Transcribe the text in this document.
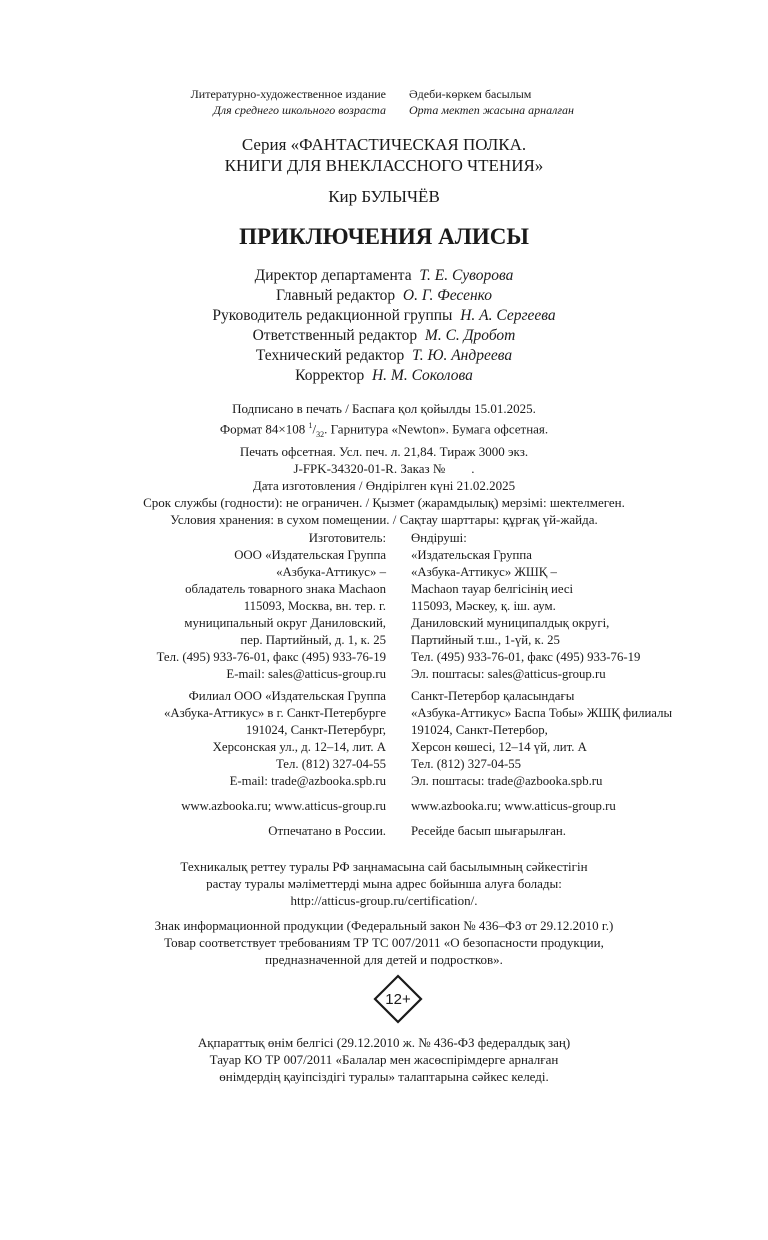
Литературно-художественное издание
Для среднего школьного возраста
Әдеби-көркем басылым
Орта мектеп жасына арналған
Серия «ФАНТАСТИЧЕСКАЯ ПОЛКА.
КНИГИ ДЛЯ ВНЕКЛАССНОГО ЧТЕНИЯ»
Кир БУЛЫЧЁВ
ПРИКЛЮЧЕНИЯ АЛИСЫ
Директор департамента Т. Е. Суворова
Главный редактор О. Г. Фесенко
Руководитель редакционной группы Н. А. Сергеева
Ответственный редактор М. С. Дробот
Технический редактор Т. Ю. Андреева
Корректор Н. М. Соколова
Подписано в печать / Баспаға қол қойылды 15.01.2025.
Формат 84×108 $^1/_{32}$. Гарнитура «Newton». Бумага офсетная.
Печать офсетная. Усл. печ. л. 21,84. Тираж 3000 экз.
J-FPK-34320-01-R. Заказ №        .
Дата изготовления / Өндірілген күні 21.02.2025
Срок службы (годности): не ограничен. / Қызмет (жарамдылық) мерзімі: шектелмеген.
Условия хранения: в сухом помещении. / Сақтау шарттары: құрғақ үй-жайда.
Изготовитель:
ООО «Издательская Группа
«Азбука-Аттикус» –
обладатель товарного знака Machaon
115093, Москва, вн. тер. г.
муниципальный округ Даниловский,
пер. Партийный, д. 1, к. 25
Тел. (495) 933-76-01, факс (495) 933-76-19
E-mail: sales@atticus-group.ru
Өндіруші:
«Издательская Группа
«Азбука-Аттикус» ЖШҚ –
Machaon тауар белгісінің иесі
115093, Мәскеу, қ. іш. аум.
Даниловский муниципалдық округі,
Партийный т.ш., 1-үй, к. 25
Тел. (495) 933-76-01, факс (495) 933-76-19
Эл. поштасы: sales@atticus-group.ru
Филиал ООО «Издательская Группа
«Азбука-Аттикус» в г. Санкт-Петербурге
191024, Санкт-Петербург,
Херсонская ул., д. 12–14, лит. А
Тел. (812) 327-04-55
E-mail: trade@azbooka.spb.ru
Санкт-Петербор қаласындағы
«Азбука-Аттикус» Баспа Тобы» ЖШҚ филиалы
191024, Санкт-Петербор,
Херсон көшесі, 12–14 үй, лит. А
Тел. (812) 327-04-55
Эл. поштасы: trade@azbooka.spb.ru
www.azbooka.ru; www.atticus-group.ru www.azbooka.ru; www.atticus-group.ru
Отпечатано в России. Ресейде басып шығарылған.
Техникалық реттеу туралы РФ заңнамасына сай басылымның сәйкестігін
растау туралы мәліметтерді мына адрес бойынша алуға болады:
http://atticus-group.ru/certification/.
Знак информационной продукции (Федеральный закон № 436–ФЗ от 29.12.2010 г.)
Товар соответствует требованиям ТР ТС 007/2011 «О безопасности продукции,
предназначенной для детей и подростков».
12+
Ақпараттық өнім белгісі (29.12.2010 ж. № 436-ФЗ федералдық заң)
Тауар КО ТР 007/2011 «Балалар мен жасөспірімдерге арналған
өнімдердің қауіпсіздігі туралы» талаптарына сәйкес келеді.
